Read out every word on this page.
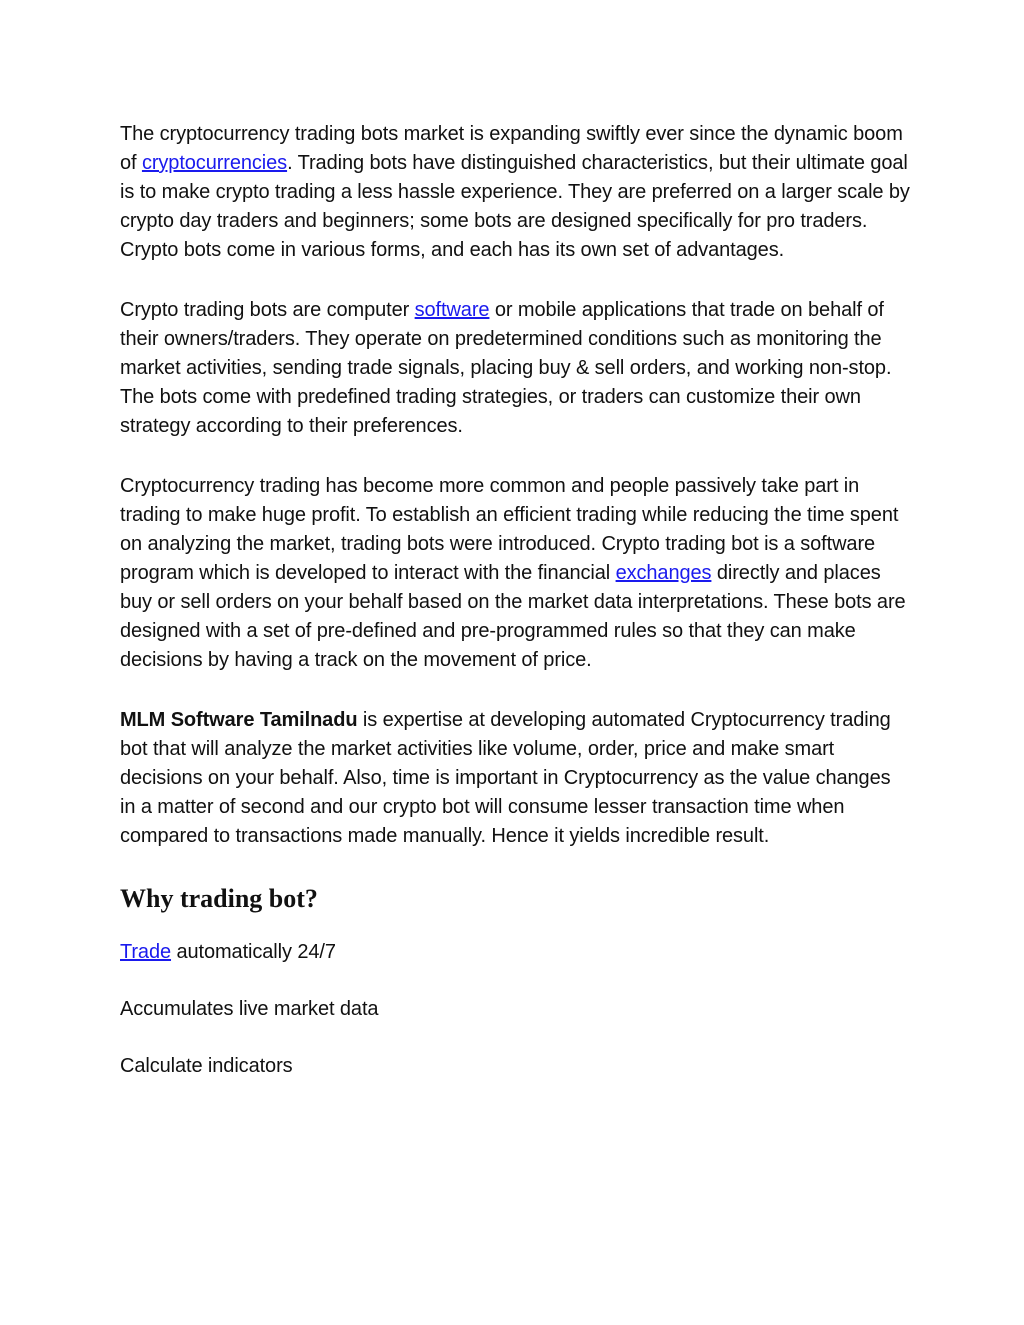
The cryptocurrency trading bots market is expanding swiftly ever since the dynamic boom of cryptocurrencies. Trading bots have distinguished characteristics, but their ultimate goal is to make crypto trading a less hassle experience. They are preferred on a larger scale by crypto day traders and beginners; some bots are designed specifically for pro traders. Crypto bots come in various forms, and each has its own set of advantages.

Crypto trading bots are computer software or mobile applications that trade on behalf of their owners/traders. They operate on predetermined conditions such as monitoring the market activities, sending trade signals, placing buy & sell orders, and working non-stop. The bots come with predefined trading strategies, or traders can customize their own strategy according to their preferences.

Cryptocurrency trading has become more common and people passively take part in trading to make huge profit. To establish an efficient trading while reducing the time spent on analyzing the market, trading bots were introduced. Crypto trading bot is a software program which is developed to interact with the financial exchanges directly and places buy or sell orders on your behalf based on the market data interpretations. These bots are designed with a set of pre-defined and pre-programmed rules so that they can make decisions by having a track on the movement of price.

MLM Software Tamilnadu is expertise at developing automated Cryptocurrency trading bot that will analyze the market activities like volume, order, price and make smart decisions on your behalf. Also, time is important in Cryptocurrency as the value changes in a matter of second and our crypto bot will consume lesser transaction time when compared to transactions made manually. Hence it yields incredible result.

Why trading bot?

Trade automatically 24/7

Accumulates live market data

Calculate indicators
